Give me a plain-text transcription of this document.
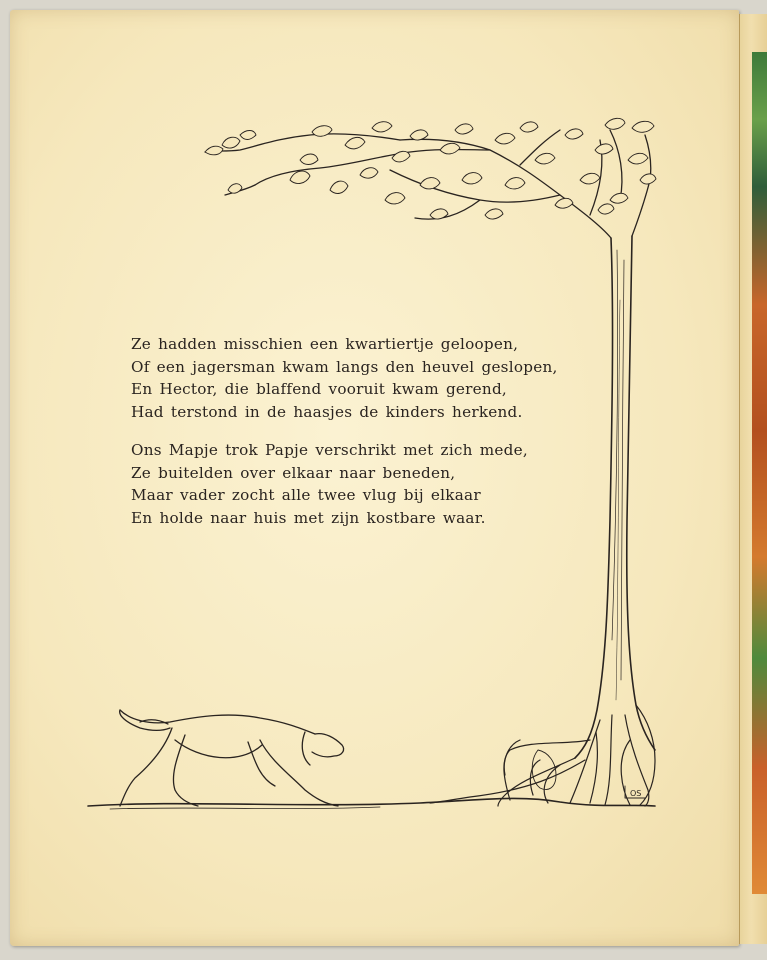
OS
Ze hadden misschien een kwartiertje geloopen,
Of een jagersman kwam langs den heuvel geslopen,
En Hector, die blaffend vooruit kwam gerend,
Had terstond in de haasjes de kinders herkend.
Ons Mapje trok Papje verschrikt met zich mede,
Ze buitelden over elkaar naar beneden,
Maar vader zocht alle twee vlug bij elkaar
En holde naar huis met zijn kostbare waar.
